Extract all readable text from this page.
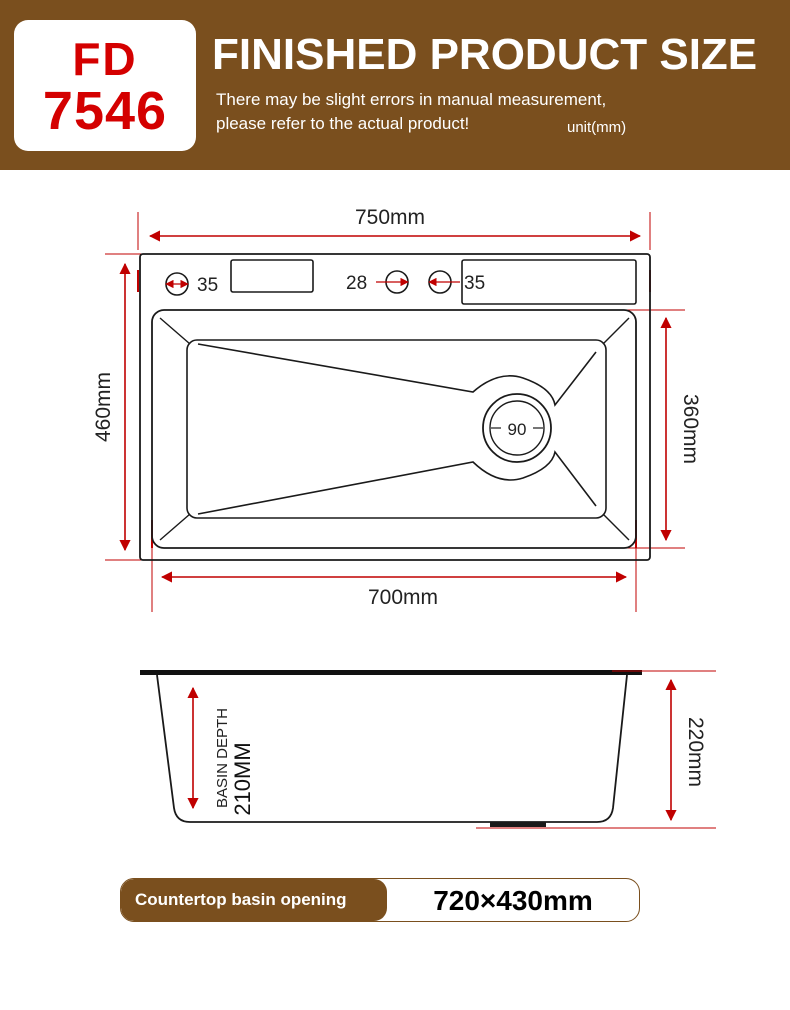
FD
7546
FINISHED PRODUCT SIZE
There may be slight errors in manual measurement,
please refer to the actual product!	unit(mm)
35	28	35
90
750mm
460mm	360mm
700mm
BASIN DEPTH 210MM	220mm
Countertop basin opening	720×430mm
